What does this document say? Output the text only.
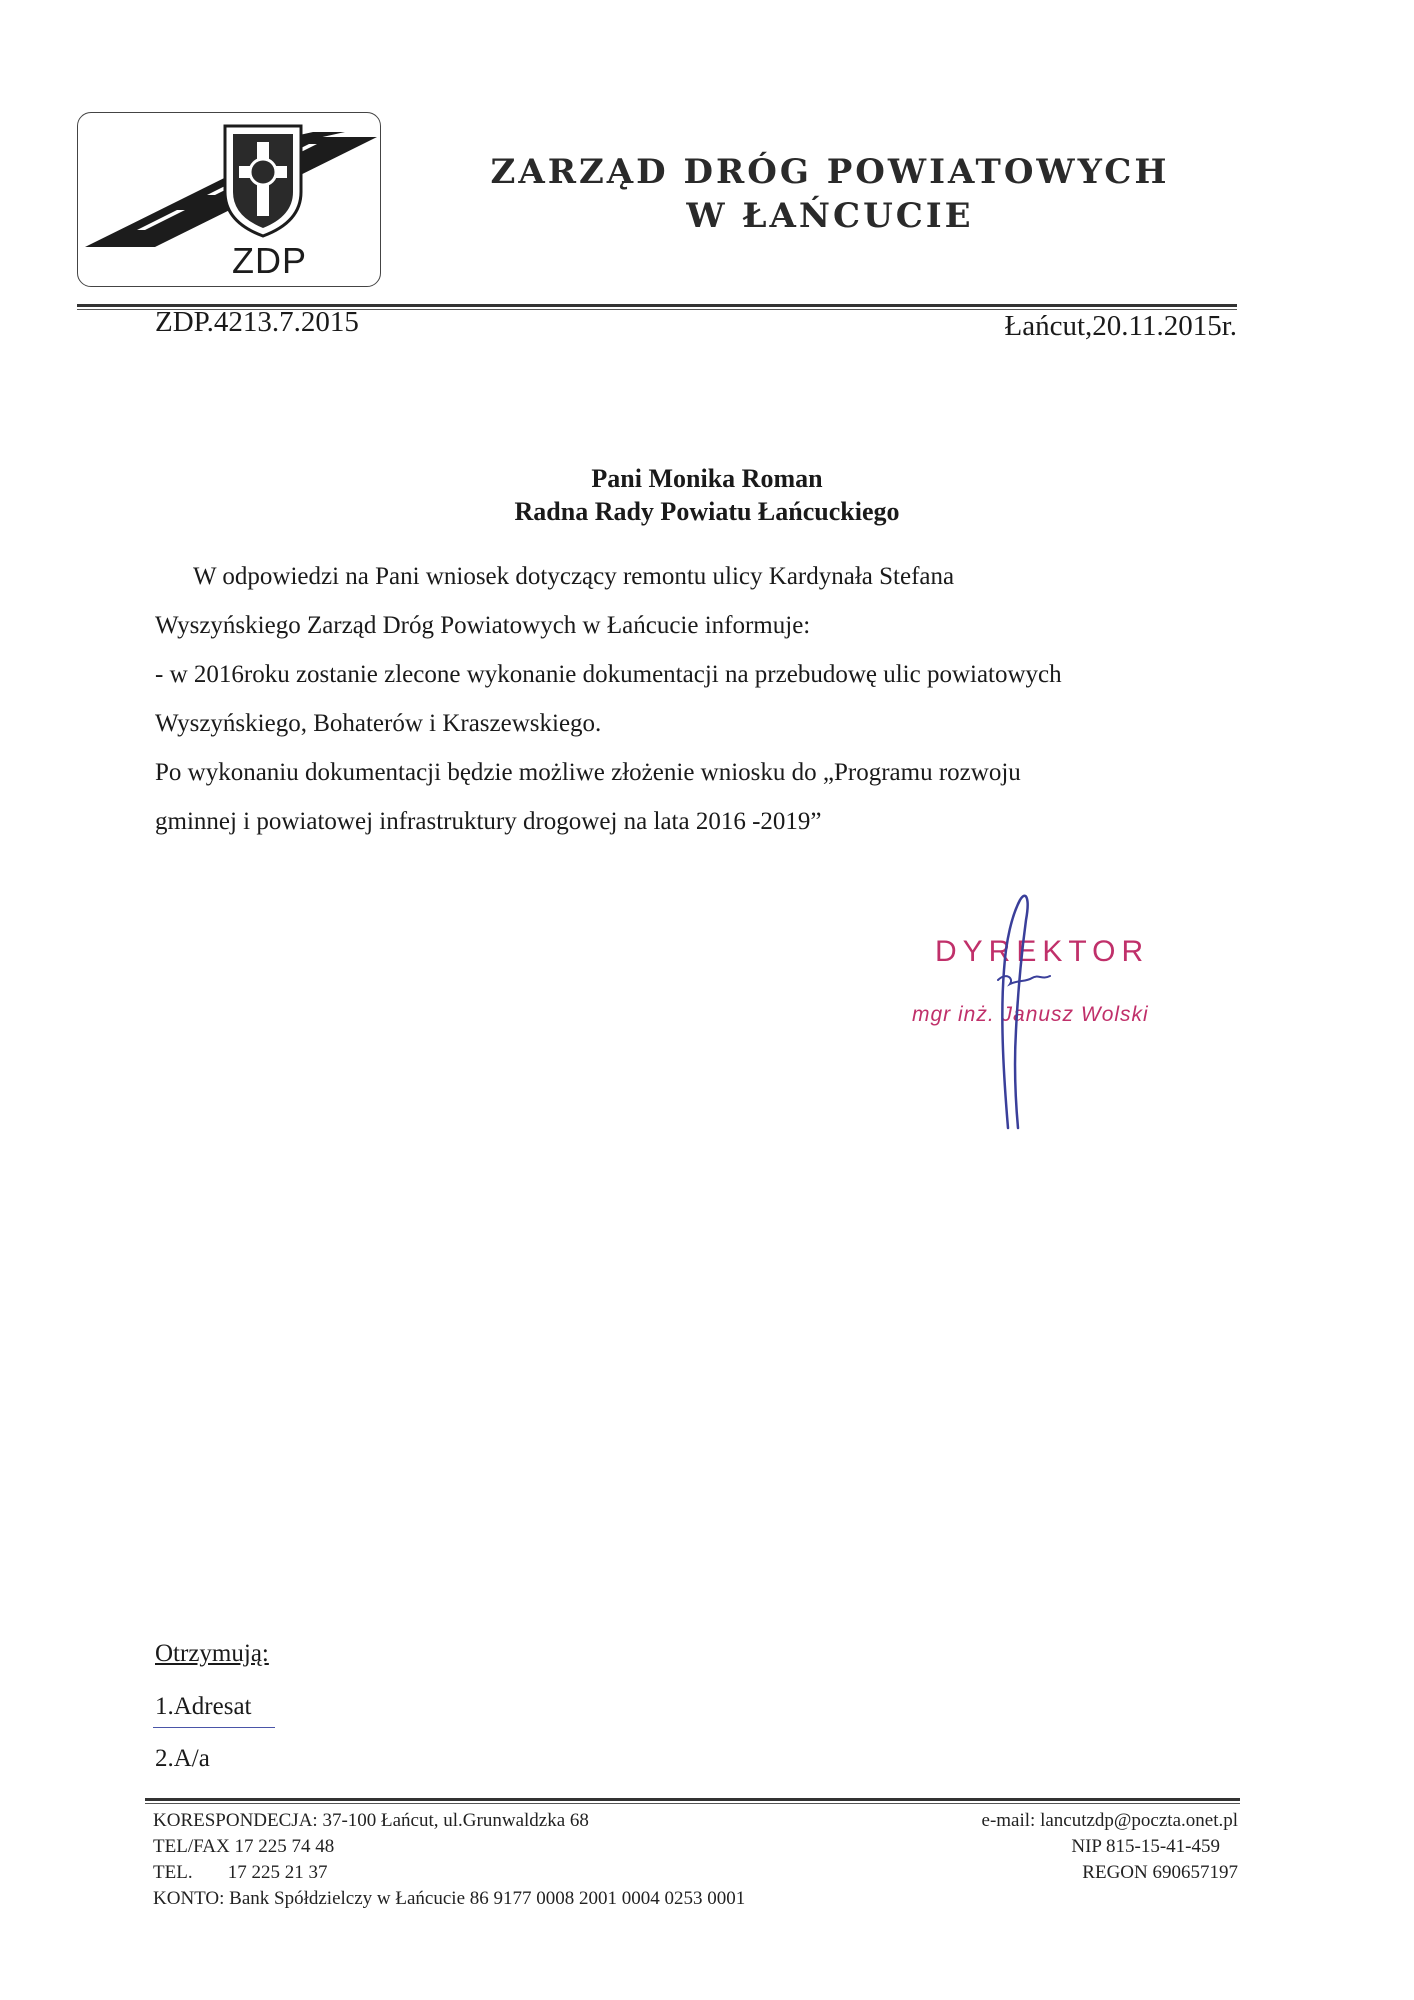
ZDP
ZARZĄD DRÓG POWIATOWYCH
W ŁAŃCUCIE
ZDP.4213.7.2015	Łańcut,20.11.2015r.
Pani Monika Roman
Radna Rady Powiatu Łańcuckiego

W odpowiedzi na Pani wniosek dotyczący remontu ulicy Kardynała Stefana

Wyszyńskiego Zarząd Dróg Powiatowych w Łańcucie informuje:

- w 2016roku zostanie zlecone wykonanie dokumentacji na przebudowę ulic powiatowych

Wyszyńskiego, Bohaterów i Kraszewskiego.

Po wykonaniu dokumentacji będzie możliwe złożenie wniosku do „Programu rozwoju

gminnej i powiatowej infrastruktury drogowej na lata 2016 -2019”

DYREKTOR
mgr inż. Janusz Wolski
Otrzymują:
1.Adresat
2.A/a
KORESPONDECJA: 37-100 Łańcut, ul.Grunwaldzka 68
TEL/FAX 17 225 74 48
TEL. 17 225 21 37
KONTO: Bank Spółdzielczy w Łańcucie 86 9177 0008 2001 0004 0253 0001
e-mail: lancutzdp@poczta.onet.pl
NIP 815-15-41-459
REGON 690657197
